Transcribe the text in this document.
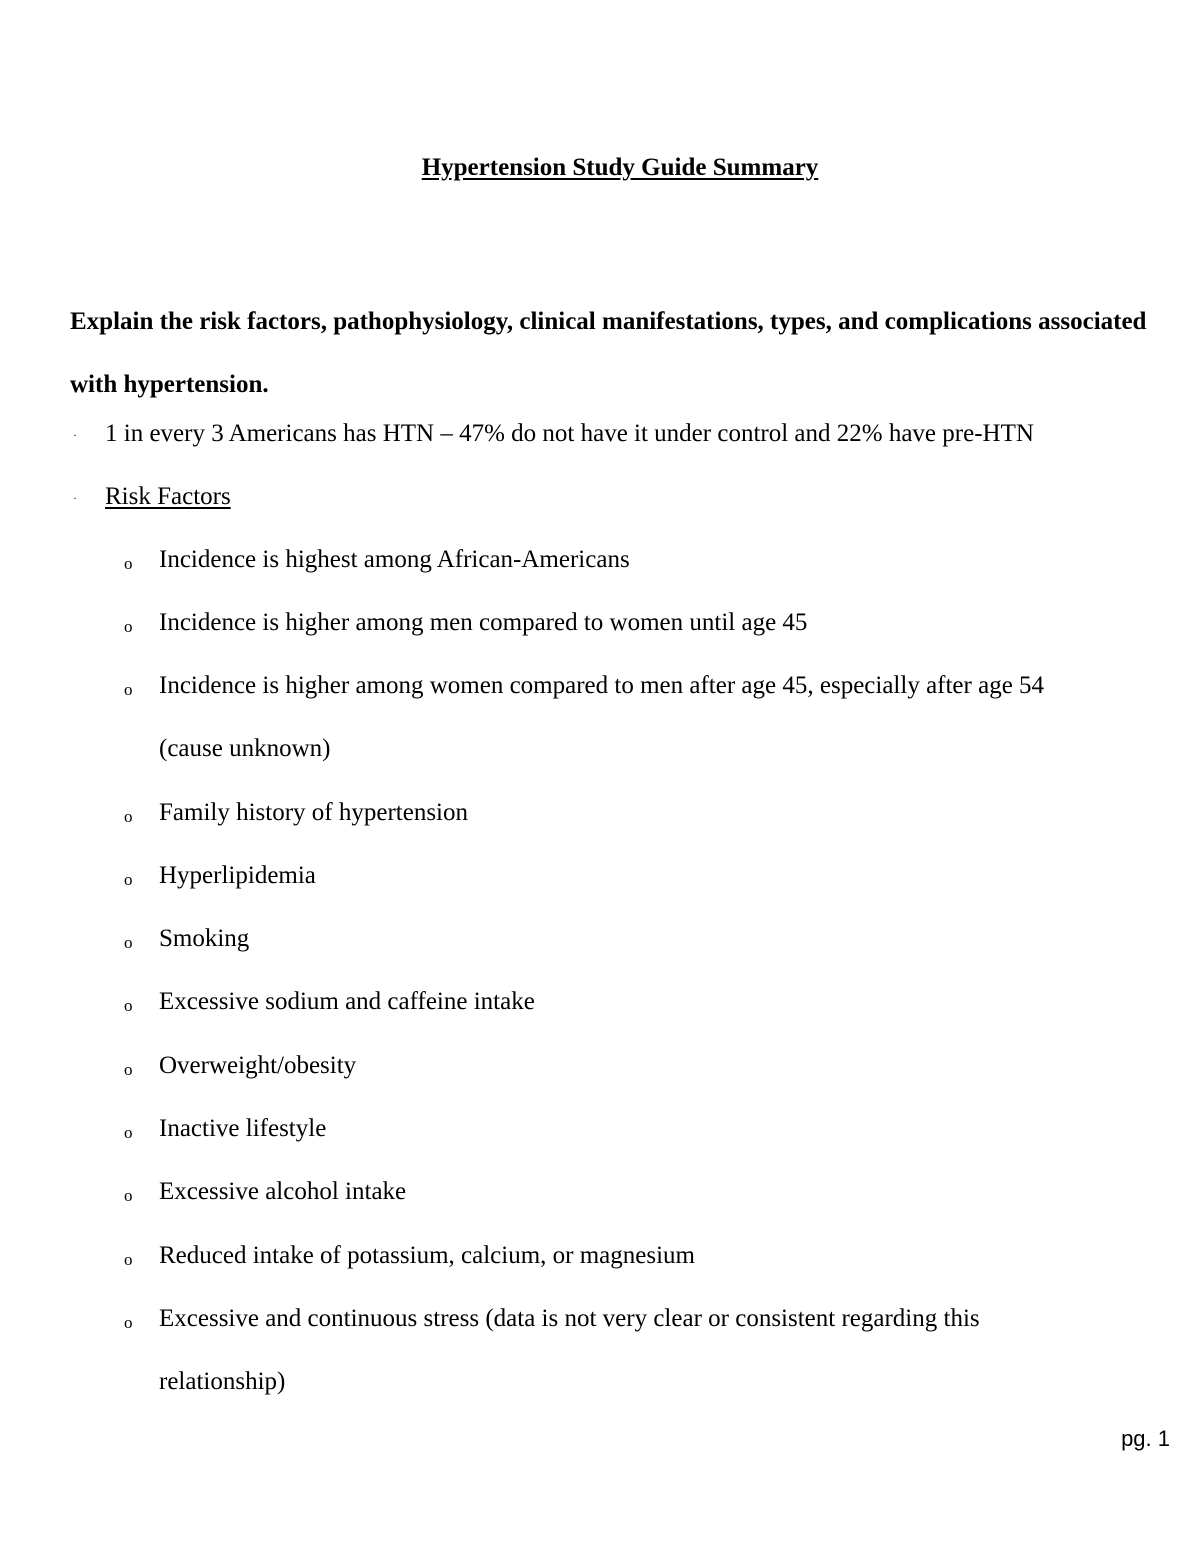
Hypertension Study Guide Summary
Explain the risk factors, pathophysiology, clinical manifestations, types, and complications associated with hypertension.
· 1 in every 3 Americans has HTN – 47% do not have it under control and 22% have pre-HTN
· Risk Factors
o Incidence is highest among African-Americans
o Incidence is higher among men compared to women until age 45
o Incidence is higher among women compared to men after age 45, especially after age 54
(cause unknown)
o Family history of hypertension
o Hyperlipidemia
o Smoking
o Excessive sodium and caffeine intake
o Overweight/obesity
o Inactive lifestyle
o Excessive alcohol intake
o Reduced intake of potassium, calcium, or magnesium
o Excessive and continuous stress (data is not very clear or consistent regarding this
relationship)
pg. 1
